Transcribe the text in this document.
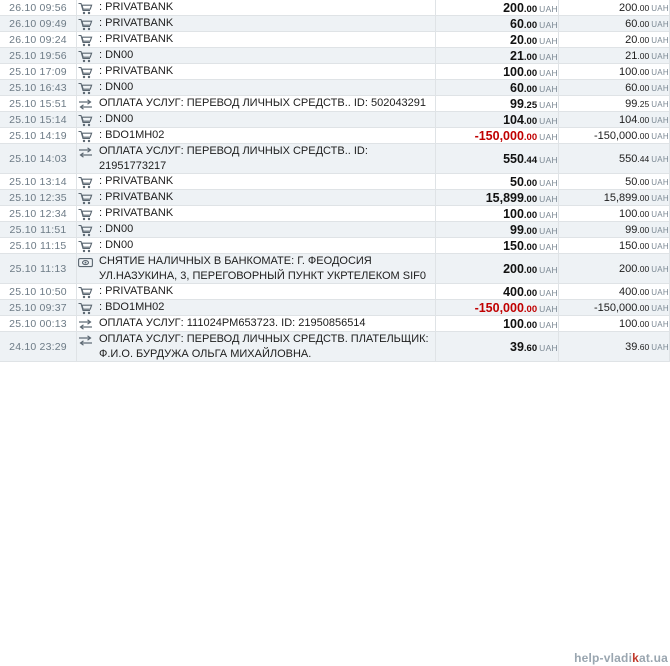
26.10 09:56	: PRIVATBANK	200.00 UAH	200.00 UAH
26.10 09:49	: PRIVATBANK	60.00 UAH	60.00 UAH
26.10 09:24	: PRIVATBANK	20.00 UAH	20.00 UAH
25.10 19:56	: DN00	21.00 UAH	21.00 UAH
25.10 17:09	: PRIVATBANK	100.00 UAH	100.00 UAH
25.10 16:43	: DN00	60.00 UAH	60.00 UAH
25.10 15:51	ОПЛАТА УСЛУГ: ПЕРЕВОД ЛИЧНЫХ СРЕДСТВ.. ID: 502043291	99.25 UAH	99.25 UAH
25.10 15:14	: DN00	104.00 UAH	104.00 UAH
25.10 14:19	: BDO1MH02	-150,000.00 UAH	-150,000.00 UAH
25.10 14:03	ОПЛАТА УСЛУГ: ПЕРЕВОД ЛИЧНЫХ СРЕДСТВ.. ID: 21951773217	550.44 UAH	550.44 UAH
25.10 13:14	: PRIVATBANK	50.00 UAH	50.00 UAH
25.10 12:35	: PRIVATBANK	15,899.00 UAH	15,899.00 UAH
25.10 12:34	: PRIVATBANK	100.00 UAH	100.00 UAH
25.10 11:51	: DN00	99.00 UAH	99.00 UAH
25.10 11:15	: DN00	150.00 UAH	150.00 UAH
25.10 11:13	СНЯТИЕ НАЛИЧНЫХ В БАНКОМАТЕ: Г. ФЕОДОСИЯ УЛ.НАЗУКИНА, 3, ПЕРЕГОВОРНЫЙ ПУНКТ УКРТЕЛЕКОМ SIF0	200.00 UAH	200.00 UAH
25.10 10:50	: PRIVATBANK	400.00 UAH	400.00 UAH
25.10 09:37	: BDO1MH02	-150,000.00 UAH	-150,000.00 UAH
25.10 00:13	ОПЛАТА УСЛУГ: 111024PM653723. ID: 21950856514	100.00 UAH	100.00 UAH
24.10 23:29	ОПЛАТА УСЛУГ: ПЕРЕВОД ЛИЧНЫХ СРЕДСТВ. ПЛАТЕЛЬЩИК: Ф.И.О. БУРДУЖА ОЛЬГА МИХАЙЛОВНА.	39.60 UAH	39.60 UAH
help-vladikat.ua
